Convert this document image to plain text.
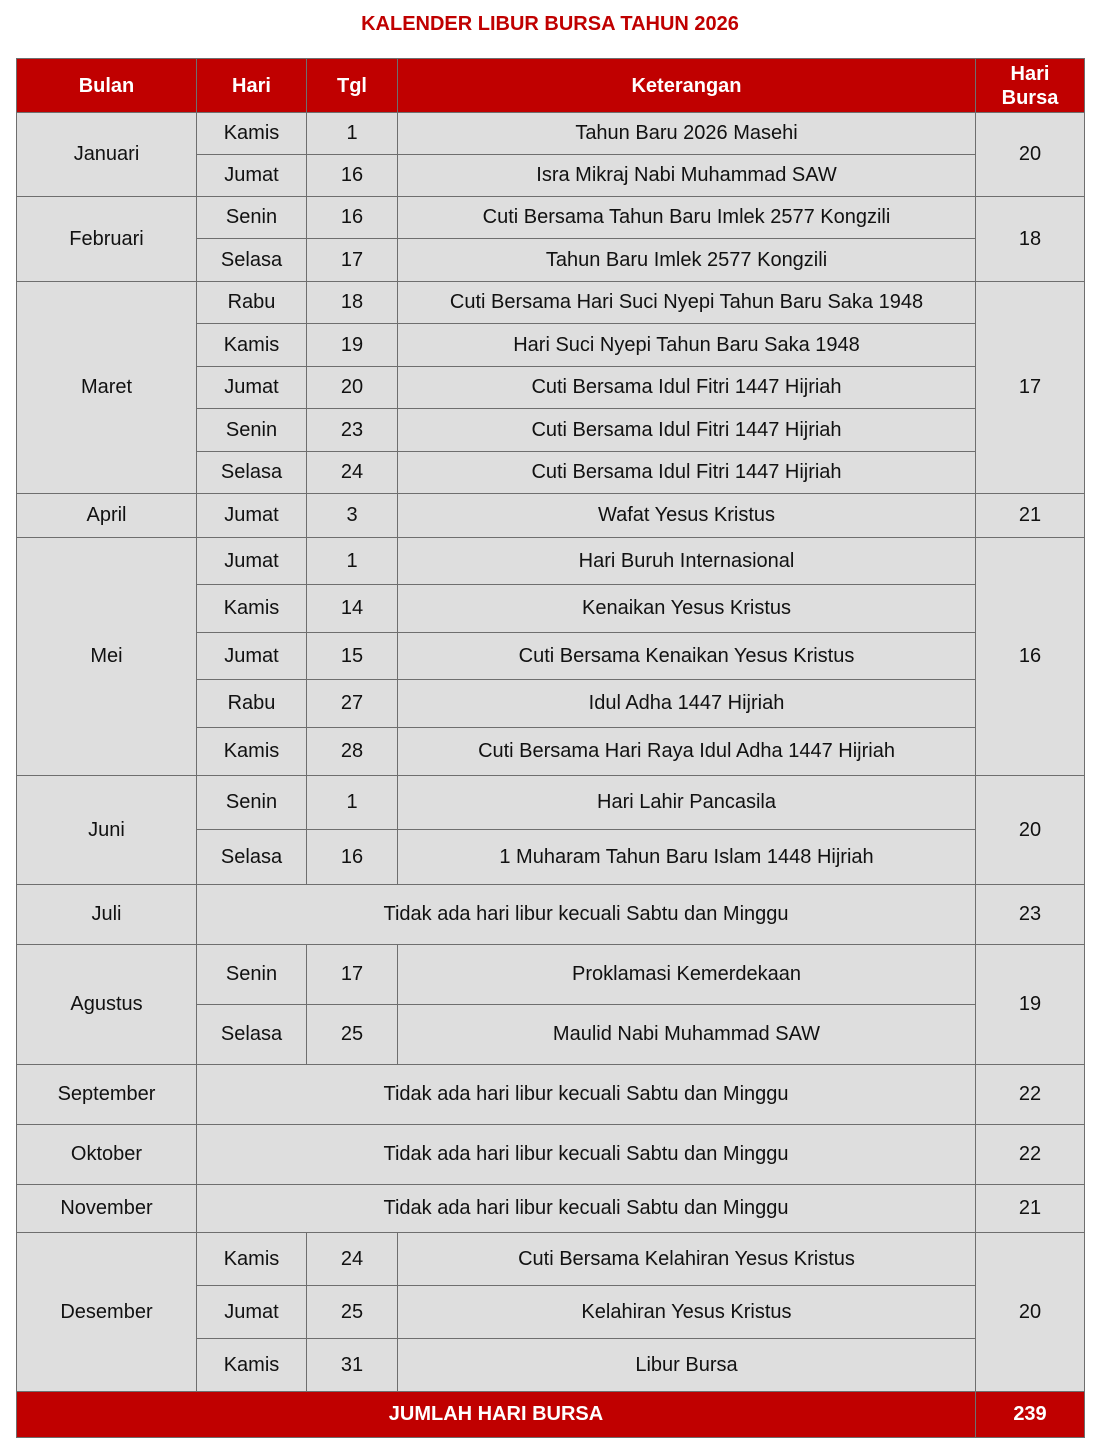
KALENDER LIBUR BURSA TAHUN 2026
Bulan	Hari	Tgl	Keterangan	Hari
Bursa
Januari	Kamis	1	Tahun Baru 2026 Masehi	20
	Jumat	16	Isra Mikraj Nabi Muhammad SAW	
Februari	Senin	16	Cuti Bersama Tahun Baru Imlek 2577 Kongzili	18
	Selasa	17	Tahun Baru Imlek 2577 Kongzili	
Maret	Rabu	18	Cuti Bersama Hari Suci Nyepi Tahun Baru Saka 1948	17
	Kamis	19	Hari Suci Nyepi Tahun Baru Saka 1948	
	Jumat	20	Cuti Bersama Idul Fitri 1447 Hijriah	
	Senin	23	Cuti Bersama Idul Fitri 1447 Hijriah	
	Selasa	24	Cuti Bersama Idul Fitri 1447 Hijriah	
April	Jumat	3	Wafat Yesus Kristus	21
Mei	Jumat	1	Hari Buruh Internasional	16
	Kamis	14	Kenaikan Yesus Kristus	
	Jumat	15	Cuti Bersama Kenaikan Yesus Kristus	
	Rabu	27	Idul Adha 1447 Hijriah	
	Kamis	28	Cuti Bersama Hari Raya Idul Adha 1447 Hijriah	
Juni	Senin	1	Hari Lahir Pancasila	20
	Selasa	16	1 Muharam Tahun Baru Islam 1448 Hijriah	
Juli	Tidak ada hari libur kecuali Sabtu dan Minggu			23
Agustus	Senin	17	Proklamasi Kemerdekaan	19
	Selasa	25	Maulid Nabi Muhammad SAW	
September	Tidak ada hari libur kecuali Sabtu dan Minggu			22
Oktober	Tidak ada hari libur kecuali Sabtu dan Minggu			22
November	Tidak ada hari libur kecuali Sabtu dan Minggu			21
Desember	Kamis	24	Cuti Bersama Kelahiran Yesus Kristus	20
	Jumat	25	Kelahiran Yesus Kristus	
	Kamis	31	Libur Bursa	
JUMLAH HARI BURSA				239
